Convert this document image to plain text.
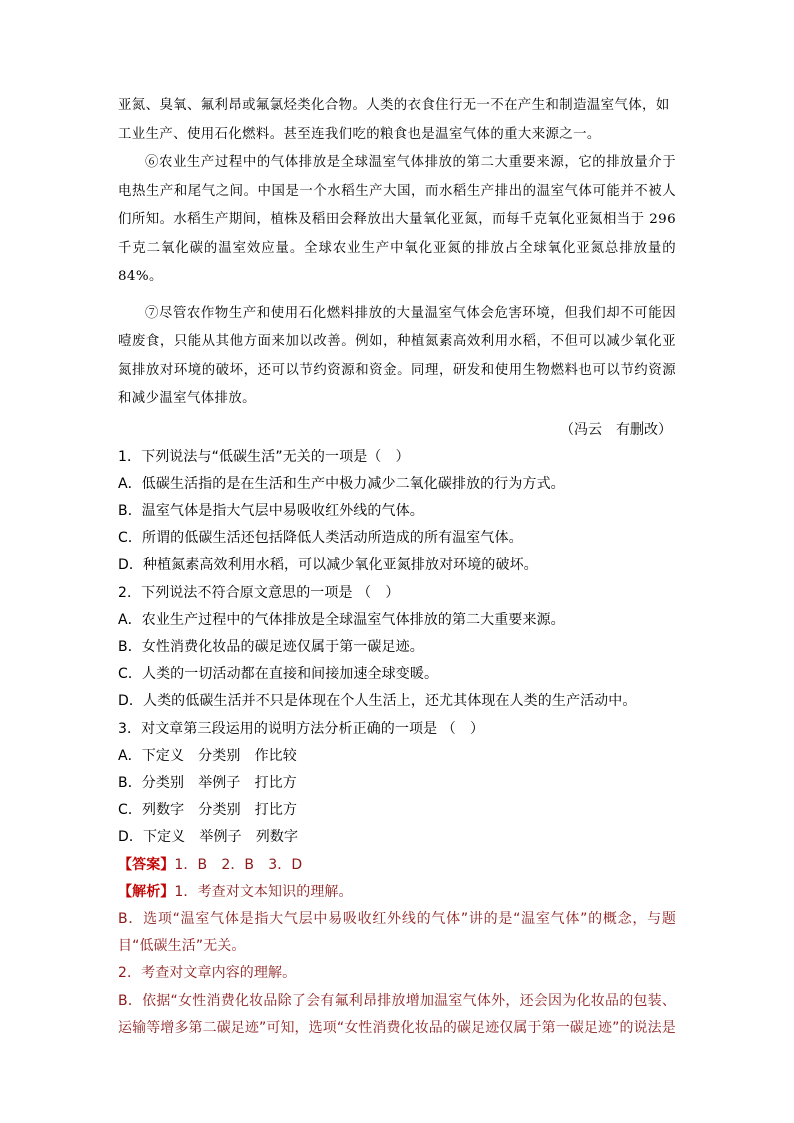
亚氮、臭氧、氟利昂或氟氯烃类化合物。人类的衣食住行无一不在产生和制造温室气体，如

工业生产、使用石化燃料。甚至连我们吃的粮食也是温室气体的重大来源之一。

⑥农业生产过程中的气体排放是全球温室气体排放的第二大重要来源，它的排放量介于电热生产和尾气之间。中国是一个水稻生产大国，而水稻生产排出的温室气体可能并不被人们所知。水稻生产期间，植株及稻田会释放出大量氧化亚氮，而每千克氧化亚氮相当于 296 千克二氧化碳的温室效应量。全球农业生产中氧化亚氮的排放占全球氧化亚氮总排放量的 84%。

⑦尽管农作物生产和使用石化燃料排放的大量温室气体会危害环境，但我们却不可能因噎废食，只能从其他方面来加以改善。例如，种植氮素高效利用水稻，不但可以减少氧化亚氮排放对环境的破坏，还可以节约资源和资金。同理，研发和使用生物燃料也可以节约资源和减少温室气体排放。

（冯云　有删改）

1．下列说法与“低碳生活”无关的一项是（　）

A．低碳生活指的是在生活和生产中极力减少二氧化碳排放的行为方式。

B．温室气体是指大气层中易吸收红外线的气体。

C．所谓的低碳生活还包括降低人类活动所造成的所有温室气体。

D．种植氮素高效利用水稻，可以减少氧化亚氮排放对环境的破坏。

2．下列说法不符合原文意思的一项是 （　）

A．农业生产过程中的气体排放是全球温室气体排放的第二大重要来源。

B．女性消费化妆品的碳足迹仅属于第一碳足迹。

C．人类的一切活动都在直接和间接加速全球变暖。

D．人类的低碳生活并不只是体现在个人生活上，还尤其体现在人类的生产活动中。

3．对文章第三段运用的说明方法分析正确的一项是 （　）

A．下定义　分类别　作比较

B．分类别　举例子　打比方

C．列数字　分类别　打比方

D．下定义　举例子　列数字

【答案】1．B　2．B　3．D

【解析】1．考查对文本知识的理解。

B．选项“温室气体是指大气层中易吸收红外线的气体”讲的是“温室气体”的概念，与题目“低碳生活”无关。

2．考查对文章内容的理解。

B．依据“女性消费化妆品除了会有氟利昂排放增加温室气体外，还会因为化妆品的包装、运输等增多第二碳足迹”可知，选项“女性消费化妆品的碳足迹仅属于第一碳足迹”的说法是
